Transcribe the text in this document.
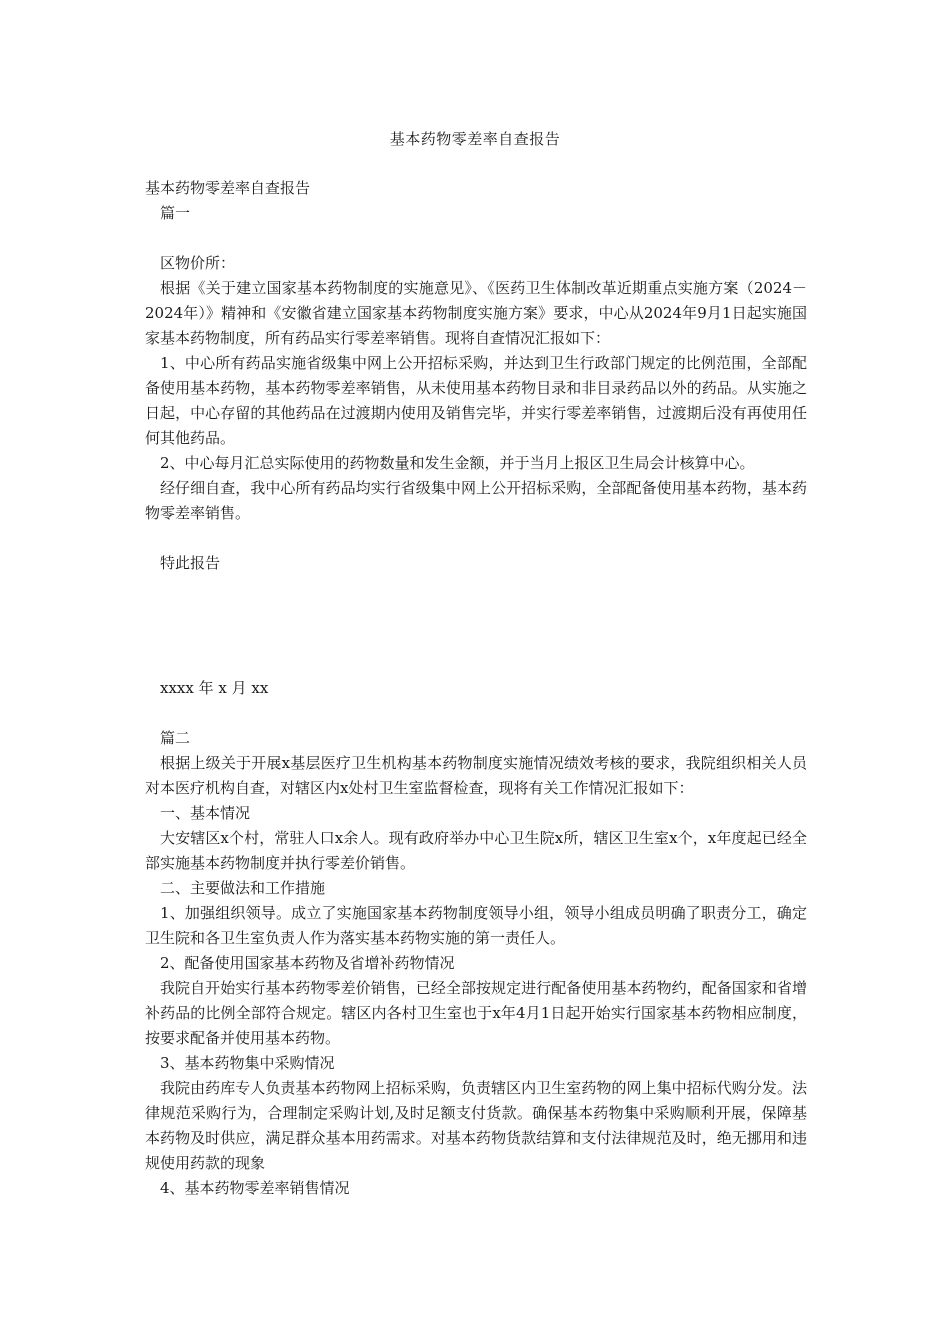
基本药物零差率自查报告

基本药物零差率自查报告

篇一

区物价所：

根据《关于建立国家基本药物制度的实施意见》、《医药卫生体制改革近期重点实施方案（2024－2024年）》精神和《安徽省建立国家基本药物制度实施方案》要求，中心从2024年9月1日起实施国家基本药物制度，所有药品实行零差率销售。现将自查情况汇报如下：

1、中心所有药品实施省级集中网上公开招标采购，并达到卫生行政部门规定的比例范围，全部配备使用基本药物，基本药物零差率销售，从未使用基本药物目录和非目录药品以外的药品。从实施之日起，中心存留的其他药品在过渡期内使用及销售完毕，并实行零差率销售，过渡期后没有再使用任何其他药品。

2、中心每月汇总实际使用的药物数量和发生金额，并于当月上报区卫生局会计核算中心。

经仔细自查，我中心所有药品均实行省级集中网上公开招标采购，全部配备使用基本药物，基本药物零差率销售。

特此报告

xxxx 年 x 月 xx

篇二

根据上级关于开展x基层医疗卫生机构基本药物制度实施情况绩效考核的要求，我院组织相关人员对本医疗机构自查，对辖区内x处村卫生室监督检查，现将有关工作情况汇报如下：

一、基本情况

大安辖区x个村，常驻人口x余人。现有政府举办中心卫生院x所，辖区卫生室x个，x年度起已经全部实施基本药物制度并执行零差价销售。

二、主要做法和工作措施

1、加强组织领导。成立了实施国家基本药物制度领导小组，领导小组成员明确了职责分工，确定卫生院和各卫生室负责人作为落实基本药物实施的第一责任人。

2、配备使用国家基本药物及省增补药物情况

我院自开始实行基本药物零差价销售，已经全部按规定进行配备使用基本药物约，配备国家和省增补药品的比例全部符合规定。辖区内各村卫生室也于x年4月1日起开始实行国家基本药物相应制度，按要求配备并使用基本药物。

3、基本药物集中采购情况

我院由药库专人负责基本药物网上招标采购，负责辖区内卫生室药物的网上集中招标代购分发。法律规范采购行为，合理制定采购计划,及时足额支付货款。确保基本药物集中采购顺利开展，保障基本药物及时供应，满足群众基本用药需求。对基本药物货款结算和支付法律规范及时，绝无挪用和违规使用药款的现象

4、基本药物零差率销售情况
